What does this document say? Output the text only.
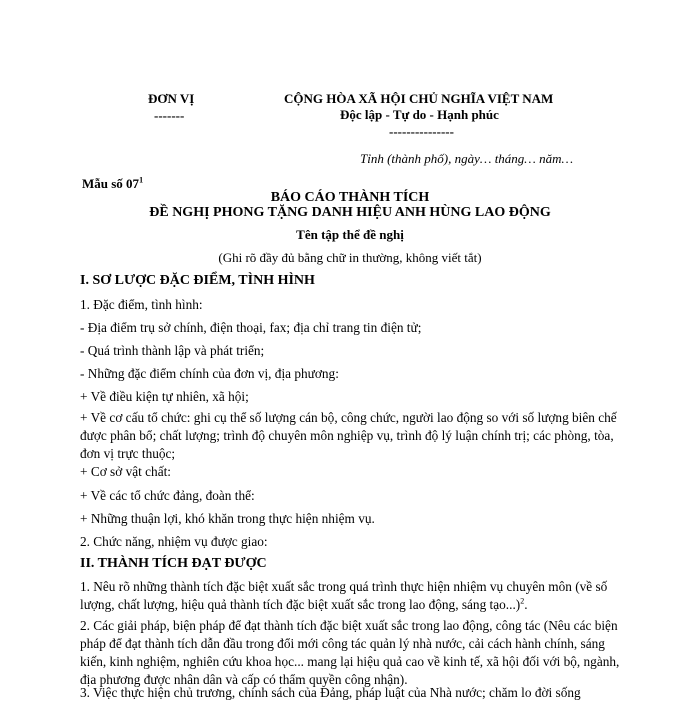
ĐƠN VỊ
-------
CỘNG HÒA XÃ HỘI CHỦ NGHĨA VIỆT NAM
Độc lập - Tự do - Hạnh phúc
---------------
Tỉnh (thành phố), ngày… tháng… năm…
Mẫu số $07^1$
BÁO CÁO THÀNH TÍCH
ĐỀ NGHỊ PHONG TẶNG DANH HIỆU ANH HÙNG LAO ĐỘNG
Tên tập thể đề nghị
(Ghi rõ đầy đủ bằng chữ in thường, không viết tắt)
I. SƠ LƯỢC ĐẶC ĐIỂM, TÌNH HÌNH
1. Đặc điểm, tình hình:
- Địa điểm trụ sở chính, điện thoại, fax; địa chỉ trang tin điện tử;
- Quá trình thành lập và phát triển;
- Những đặc điểm chính của đơn vị, địa phương:
+ Về điều kiện tự nhiên, xã hội;
+ Về cơ cấu tổ chức: ghi cụ thể số lượng cán bộ, công chức, người lao động so với số lượng biên chế được phân bổ; chất lượng; trình độ chuyên môn nghiệp vụ, trình độ lý luận chính trị; các phòng, tòa, đơn vị trực thuộc;
+ Cơ sở vật chất:
+ Về các tổ chức đảng, đoàn thể:
+ Những thuận lợi, khó khăn trong thực hiện nhiệm vụ.
2. Chức năng, nhiệm vụ được giao:
II. THÀNH TÍCH ĐẠT ĐƯỢC
1. Nêu rõ những thành tích đặc biệt xuất sắc trong quá trình thực hiện nhiệm vụ chuyên môn (về số lượng, chất lượng, hiệu quả thành tích đặc biệt xuất sắc trong lao động, sáng tạo...)$^2$.
2. Các giải pháp, biện pháp để đạt thành tích đặc biệt xuất sắc trong lao động, công tác (Nêu các biện pháp để đạt thành tích dẫn đầu trong đổi mới công tác quản lý nhà nước, cải cách hành chính, sáng kiến, kinh nghiệm, nghiên cứu khoa học... mang lại hiệu quả cao về kinh tế, xã hội đối với bộ, ngành, địa phương được nhân dân và cấp có thẩm quyền công nhận).
3. Việc thực hiện chủ trương, chính sách của Đảng, pháp luật của Nhà nước; chăm lo đời sống
